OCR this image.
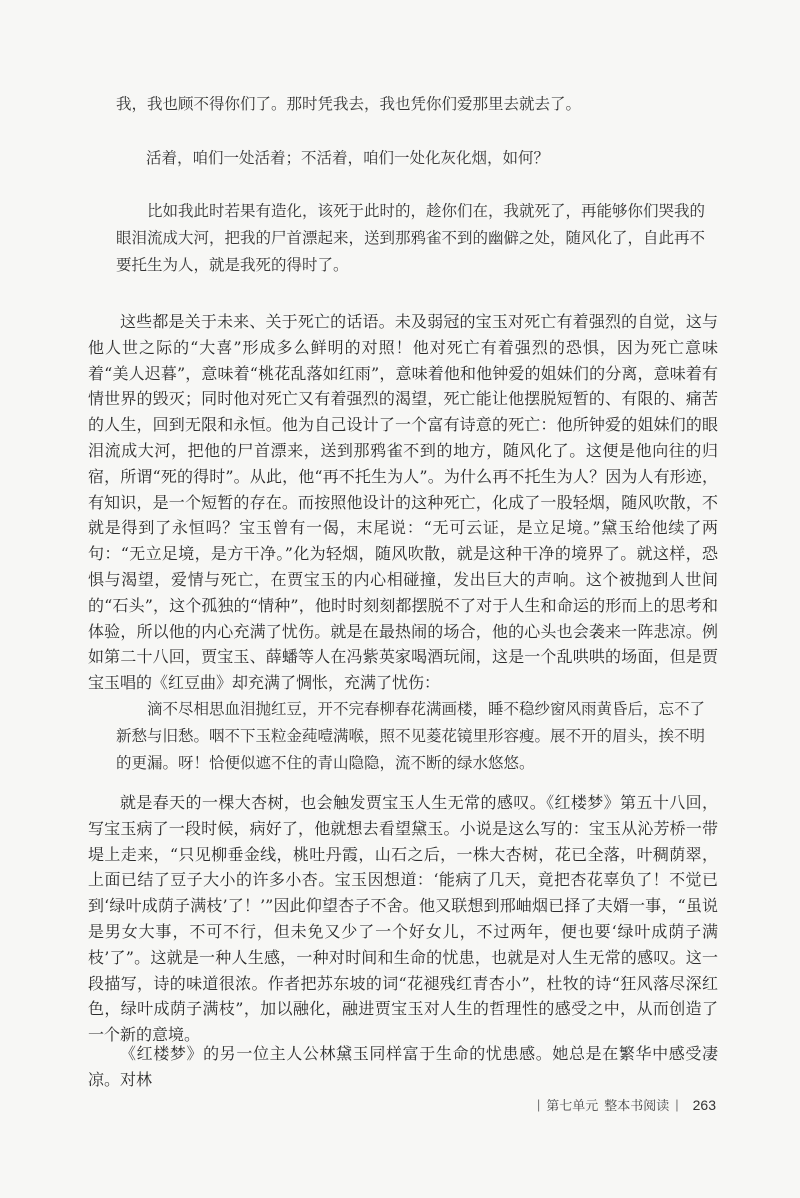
我，我也顾不得你们了。那时凭我去，我也凭你们爱那里去就去了。

活着，咱们一处活着；不活着，咱们一处化灰化烟，如何？

比如我此时若果有造化，该死于此时的，趁你们在，我就死了，再能够你们哭我的眼泪流成大河，把我的尸首漂起来，送到那鸦雀不到的幽僻之处，随风化了，自此再不要托生为人，就是我死的得时了。

这些都是关于未来、关于死亡的话语。未及弱冠的宝玉对死亡有着强烈的自觉，这与他人世之际的“大喜”形成多么鲜明的对照！他对死亡有着强烈的恐惧，因为死亡意味着“美人迟暮”，意味着“桃花乱落如红雨”，意味着他和他钟爱的姐妹们的分离，意味着有情世界的毁灭；同时他对死亡又有着强烈的渴望，死亡能让他摆脱短暂的、有限的、痛苦的人生，回到无限和永恒。他为自己设计了一个富有诗意的死亡：他所钟爱的姐妹们的眼泪流成大河，把他的尸首漂来，送到那鸦雀不到的地方，随风化了。这便是他向往的归宿，所谓“死的得时”。从此，他“再不托生为人”。为什么再不托生为人？因为人有形迹，有知识，是一个短暂的存在。而按照他设计的这种死亡，化成了一股轻烟，随风吹散，不就是得到了永恒吗？宝玉曾有一偈，末尾说：“无可云证，是立足境。”黛玉给他续了两句：“无立足境，是方干净。”化为轻烟，随风吹散，就是这种干净的境界了。就这样，恐惧与渴望，爱情与死亡，在贾宝玉的内心相碰撞，发出巨大的声响。这个被抛到人世间的“石头”，这个孤独的“情种”，他时时刻刻都摆脱不了对于人生和命运的形而上的思考和体验，所以他的内心充满了忧伤。就是在最热闹的场合，他的心头也会袭来一阵悲凉。例如第二十八回，贾宝玉、薛蟠等人在冯紫英家喝酒玩闹，这是一个乱哄哄的场面，但是贾宝玉唱的《红豆曲》却充满了惆怅，充满了忧伤：

滴不尽相思血泪抛红豆，开不完春柳春花满画楼，睡不稳纱窗风雨黄昏后，忘不了新愁与旧愁。咽不下玉粒金莼噎满喉，照不见菱花镜里形容瘦。展不开的眉头，挨不明的更漏。呀！恰便似遮不住的青山隐隐，流不断的绿水悠悠。

就是春天的一棵大杏树，也会触发贾宝玉人生无常的感叹。《红楼梦》第五十八回，写宝玉病了一段时候，病好了，他就想去看望黛玉。小说是这么写的：宝玉从沁芳桥一带堤上走来，“只见柳垂金线，桃吐丹霞，山石之后，一株大杏树，花已全落，叶稠荫翠，上面已结了豆子大小的许多小杏。宝玉因想道：‘能病了几天，竟把杏花辜负了！不觉已到‘绿叶成荫子满枝’了！’”因此仰望杏子不舍。他又联想到邢岫烟已择了夫婿一事，“虽说是男女大事，不可不行，但未免又少了一个好女儿，不过两年，便也要‘绿叶成荫子满枝’了”。这就是一种人生感，一种对时间和生命的忧患，也就是对人生无常的感叹。这一段描写，诗的味道很浓。作者把苏东坡的词“花褪残红青杏小”，杜牧的诗“狂风落尽深红色，绿叶成荫子满枝”，加以融化，融进贾宝玉对人生的哲理性的感受之中，从而创造了一个新的意境。

《红楼梦》的另一位主人公林黛玉同样富于生命的忧患感。她总是在繁华中感受凄凉。对林

| 第七单元 整本书阅读 | 263
